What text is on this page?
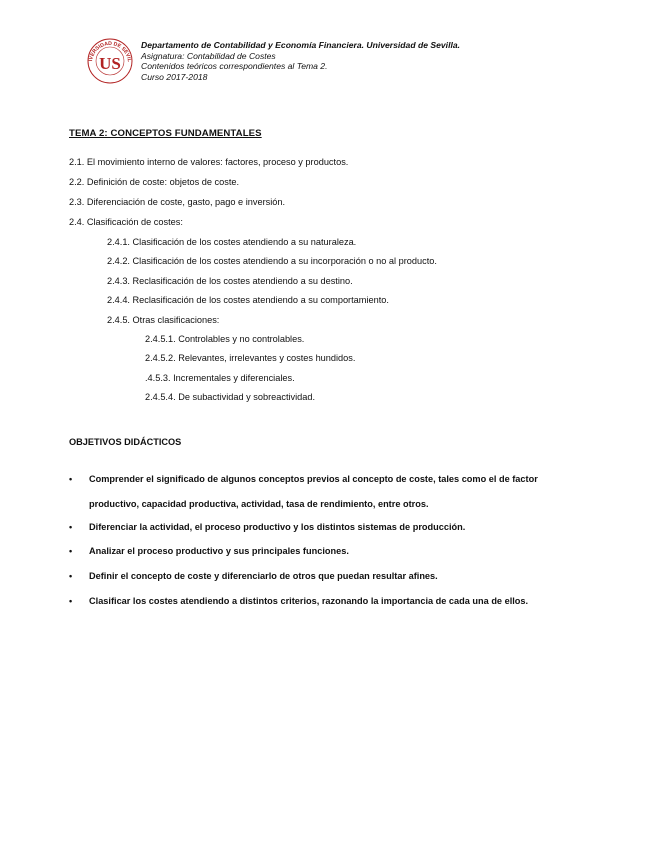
IVERSIDAD DE SEVIL
US
Departamento de Contabilidad y Economía Financiera. Universidad de Sevilla.
Asignatura: Contabilidad de Costes
Contenidos teóricos correspondientes al Tema 2.
Curso 2017-2018
TEMA 2: CONCEPTOS FUNDAMENTALES
2.1. El movimiento interno de valores: factores, proceso y productos.
2.2. Definición de coste: objetos de coste.
2.3. Diferenciación de coste, gasto, pago e inversión.
2.4. Clasificación de costes:
2.4.1. Clasificación de los costes atendiendo a su naturaleza.
2.4.2. Clasificación de los costes atendiendo a su incorporación o no al producto.
2.4.3. Reclasificación de los costes atendiendo a su destino.
2.4.4. Reclasificación de los costes atendiendo a su comportamiento.
2.4.5. Otras clasificaciones:
2.4.5.1. Controlables y no controlables.
2.4.5.2. Relevantes, irrelevantes y costes hundidos.
.4.5.3. Incrementales y diferenciales.
2.4.5.4. De subactividad y sobreactividad.
OBJETIVOS DIDÁCTICOS
• Comprender el significado de algunos conceptos previos al concepto de coste, tales como el de factor
productivo, capacidad productiva, actividad, tasa de rendimiento, entre otros.
• Diferenciar la actividad, el proceso productivo y los distintos sistemas de producción.
• Analizar el proceso productivo y sus principales funciones.
• Definir el concepto de coste y diferenciarlo de otros que puedan resultar afines.
• Clasificar los costes atendiendo a distintos criterios, razonando la importancia de cada una de ellos.
